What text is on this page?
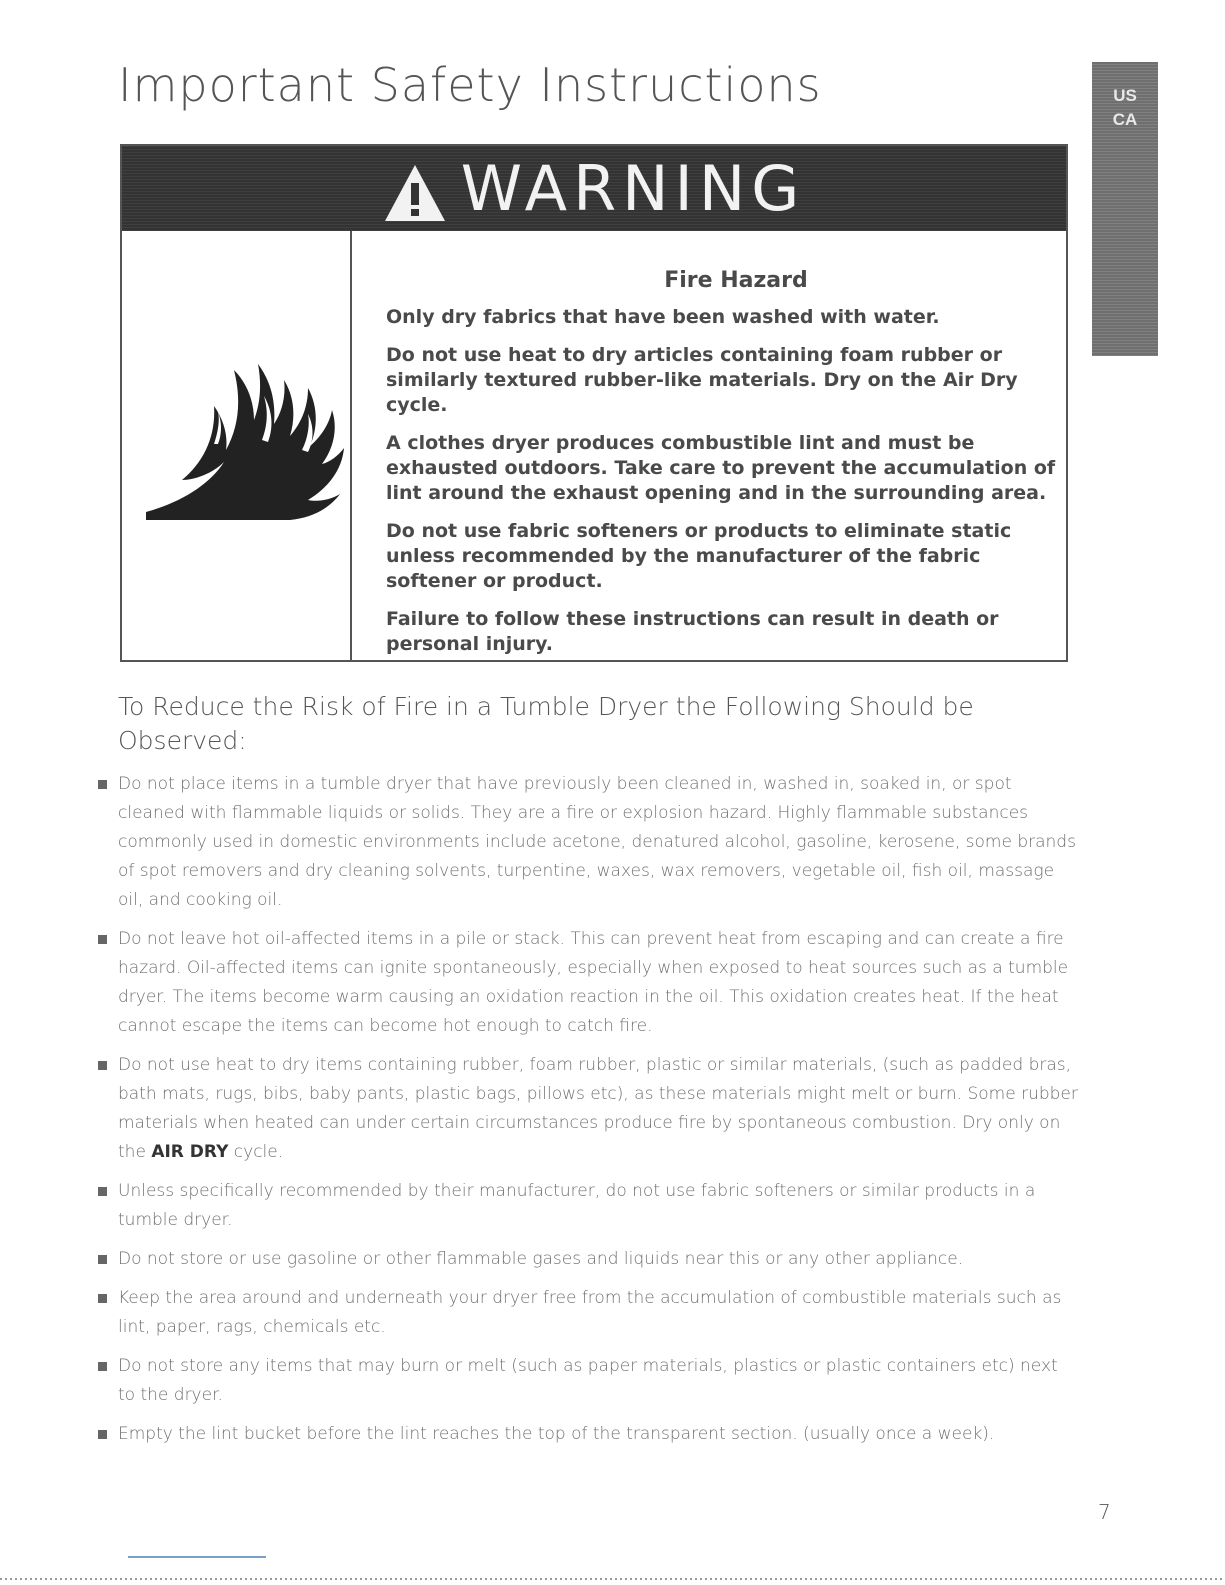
Important Safety Instructions	US
CA
WARNING
Fire Hazard

Only dry fabrics that have been washed with water.

Do not use heat to dry articles containing foam rubber or similarly textured rubber-like materials. Dry on the Air Dry cycle.

A clothes dryer produces combustible lint and must be exhausted outdoors. Take care to prevent the accumulation of lint around the exhaust opening and in the surrounding area.

Do not use fabric softeners or products to eliminate static unless recommended by the manufacturer of the fabric softener or product.

Failure to follow these instructions can result in death or personal injury.

To Reduce the Risk of Fire in a Tumble Dryer the Following Should be Observed:
Do not place items in a tumble dryer that have previously been cleaned in, washed in, soaked in, or spot cleaned with flammable liquids or solids. They are a fire or explosion hazard. Highly flammable substances commonly used in domestic environments include acetone, denatured alcohol, gasoline, kerosene, some brands of spot removers and dry cleaning solvents, turpentine, waxes, wax removers, vegetable oil, fish oil, massage oil, and cooking oil.
Do not leave hot oil-affected items in a pile or stack. This can prevent heat from escaping and can create a fire hazard. Oil-affected items can ignite spontaneously, especially when exposed to heat sources such as a tumble dryer. The items become warm causing an oxidation reaction in the oil. This oxidation creates heat. If the heat cannot escape the items can become hot enough to catch fire.
Do not use heat to dry items containing rubber, foam rubber, plastic or similar materials, (such as padded bras, bath mats, rugs, bibs, baby pants, plastic bags, pillows etc), as these materials might melt or burn. Some rubber materials when heated can under certain circumstances produce fire by spontaneous combustion. Dry only on the AIR DRY cycle.
Unless specifically recommended by their manufacturer, do not use fabric softeners or similar products in a tumble dryer.
Do not store or use gasoline or other flammable gases and liquids near this or any other appliance.
Keep the area around and underneath your dryer free from the accumulation of combustible materials such as lint, paper, rags, chemicals etc.
Do not store any items that may burn or melt (such as paper materials, plastics or plastic containers etc) next to the dryer.
Empty the lint bucket before the lint reaches the top of the transparent section. (usually once a week).
7
